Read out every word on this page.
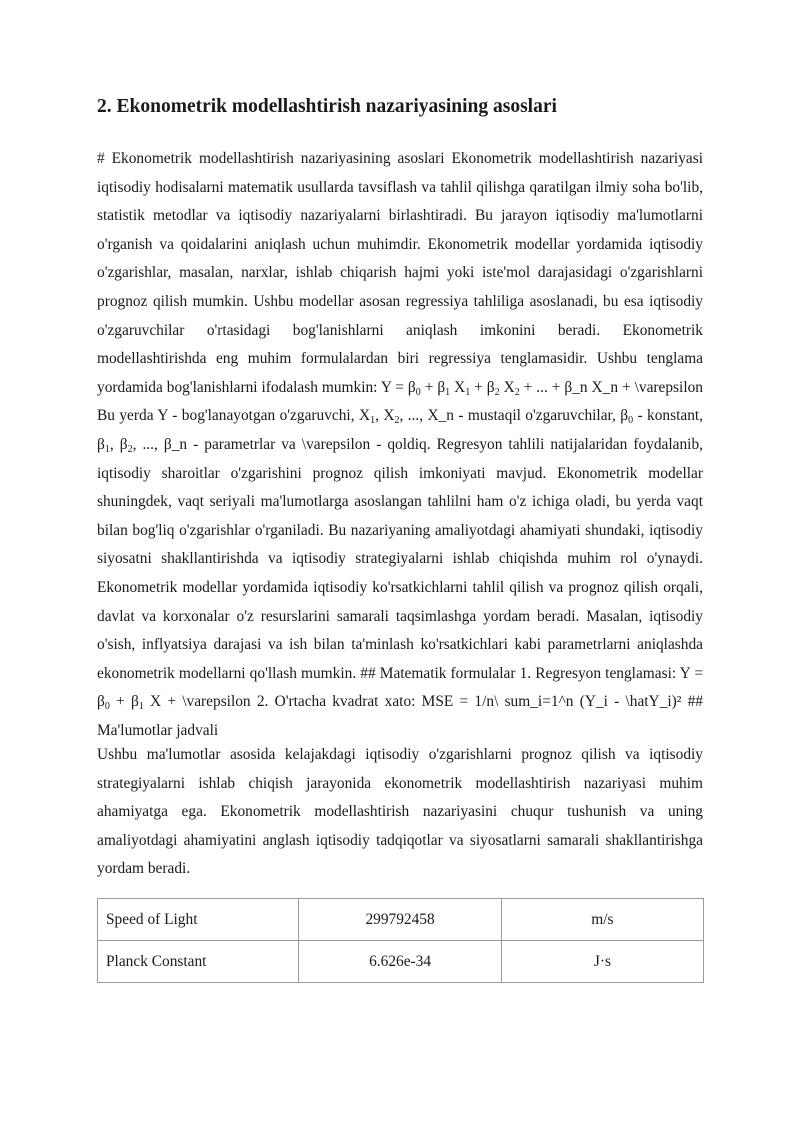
2. Ekonometrik modellashtirish nazariyasining asoslari

# Ekonometrik modellashtirish nazariyasining asoslari Ekonometrik modellashtirish nazariyasi iqtisodiy hodisalarni matematik usullarda tavsiflash va tahlil qilishga qaratilgan ilmiy soha bo'lib, statistik metodlar va iqtisodiy nazariyalarni birlashtiradi. Bu jarayon iqtisodiy ma'lumotlarni o'rganish va qoidalarini aniqlash uchun muhimdir. Ekonometrik modellar yordamida iqtisodiy o'zgarishlar, masalan, narxlar, ishlab chiqarish hajmi yoki iste'mol darajasidagi o'zgarishlarni prognoz qilish mumkin. Ushbu modellar asosan regressiya tahliliga asoslanadi, bu esa iqtisodiy o'zgaruvchilar o'rtasidagi bog'lanishlarni aniqlash imkonini beradi. Ekonometrik modellashtirishda eng muhim formulalardan biri regressiya tenglamasidir. Ushbu tenglama yordamida bog'lanishlarni ifodalash mumkin: $Y = \beta_0 + \beta_1$ $X_1 + \beta_2$ $X_2$ + ... + β_n X_n + \varepsilon Bu yerda Y - bog'lanayotgan o'zgaruvchi, $X_1$, $X_2$, ..., X_n - mustaqil o'zgaruvchilar, $\beta_0$ - konstant, $\beta_1$, $\beta_2$, ..., β_n - parametrlar va \varepsilon - qoldiq. Regresyon tahlili natijalaridan foydalanib, iqtisodiy sharoitlar o'zgarishini prognoz qilish imkoniyati mavjud. Ekonometrik modellar shuningdek, vaqt seriyali ma'lumotlarga asoslangan tahlilni ham o'z ichiga oladi, bu yerda vaqt bilan bog'liq o'zgarishlar o'rganiladi. Bu nazariyaning amaliyotdagi ahamiyati shundaki, iqtisodiy siyosatni shakllantirishda va iqtisodiy strategiyalarni ishlab chiqishda muhim rol o'ynaydi. Ekonometrik modellar yordamida iqtisodiy ko'rsatkichlarni tahlil qilish va prognoz qilish orqali, davlat va korxonalar o'z resurslarini samarali taqsimlashga yordam beradi. Masalan, iqtisodiy o'sish, inflyatsiya darajasi va ish bilan ta'minlash ko'rsatkichlari kabi parametrlarni aniqlashda ekonometrik modellarni qo'llash mumkin. ## Matematik formulalar 1. Regresyon tenglamasi: $Y = \beta_0 + \beta_1$ X + \varepsilon 2. O'rtacha kvadrat xato: MSE = 1/n\ sum_i=1^n (Y_i - \hatY_i)² ## Ma'lumotlar jadvali

Ushbu ma'lumotlar asosida kelajakdagi iqtisodiy o'zgarishlarni prognoz qilish va iqtisodiy strategiyalarni ishlab chiqish jarayonida ekonometrik modellashtirish nazariyasi muhim ahamiyatga ega. Ekonometrik modellashtirish nazariyasini chuqur tushunish va uning amaliyotdagi ahamiyatini anglash iqtisodiy tadqiqotlar va siyosatlarni samarali shakllantirishga yordam beradi.

Speed of Light	299792458	m/s
Planck Constant	6.626e-34	J·s
